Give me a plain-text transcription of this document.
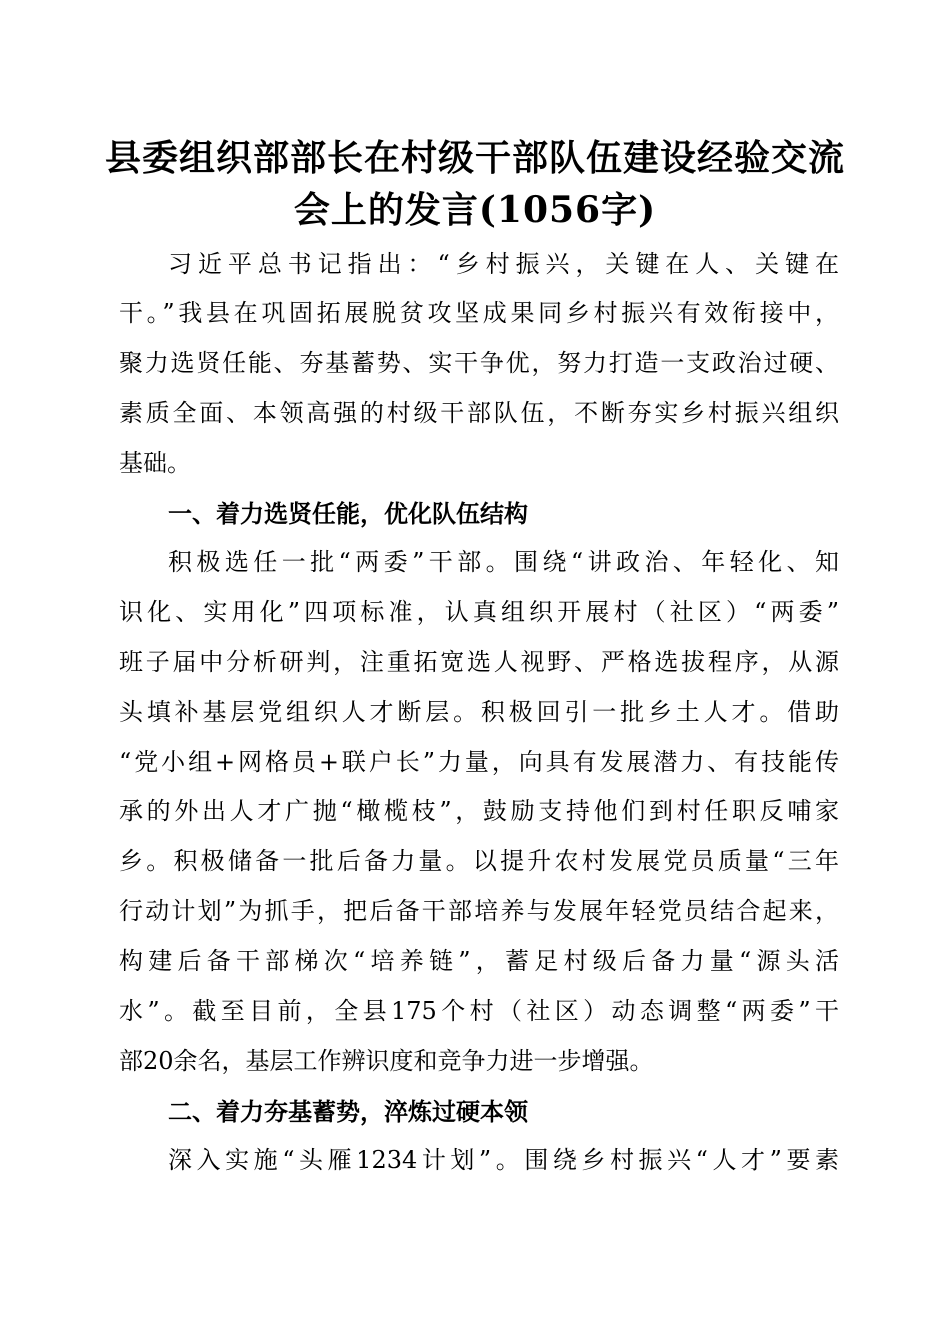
县委组织部部长在村级干部队伍建设经验交流
会上的发言(1056字)
习近平总书记指出：“乡村振兴，关键在人、关键在
干。”我县在巩固拓展脱贫攻坚成果同乡村振兴有效衔接中，
聚力选贤任能、夯基蓄势、实干争优，努力打造一支政治过硬、
素质全面、本领高强的村级干部队伍，不断夯实乡村振兴组织
基础。
一、着力选贤任能，优化队伍结构
积极选任一批“两委”干部。围绕“讲政治、年轻化、知
识化、实用化”四项标准，认真组织开展村（社区）“两委”
班子届中分析研判，注重拓宽选人视野、严格选拔程序，从源
头填补基层党组织人才断层。积极回引一批乡土人才。借助
“党小组+网格员+联户长”力量，向具有发展潜力、有技能传
承的外出人才广抛“橄榄枝”，鼓励支持他们到村任职反哺家
乡。积极储备一批后备力量。以提升农村发展党员质量“三年
行动计划”为抓手，把后备干部培养与发展年轻党员结合起来，
构建后备干部梯次“培养链”，蓄足村级后备力量“源头活
水”。截至目前，全县175个村（社区）动态调整“两委”干
部20余名，基层工作辨识度和竞争力进一步增强。
二、着力夯基蓄势，淬炼过硬本领
深入实施“头雁1234计划”。围绕乡村振兴“人才”要素
